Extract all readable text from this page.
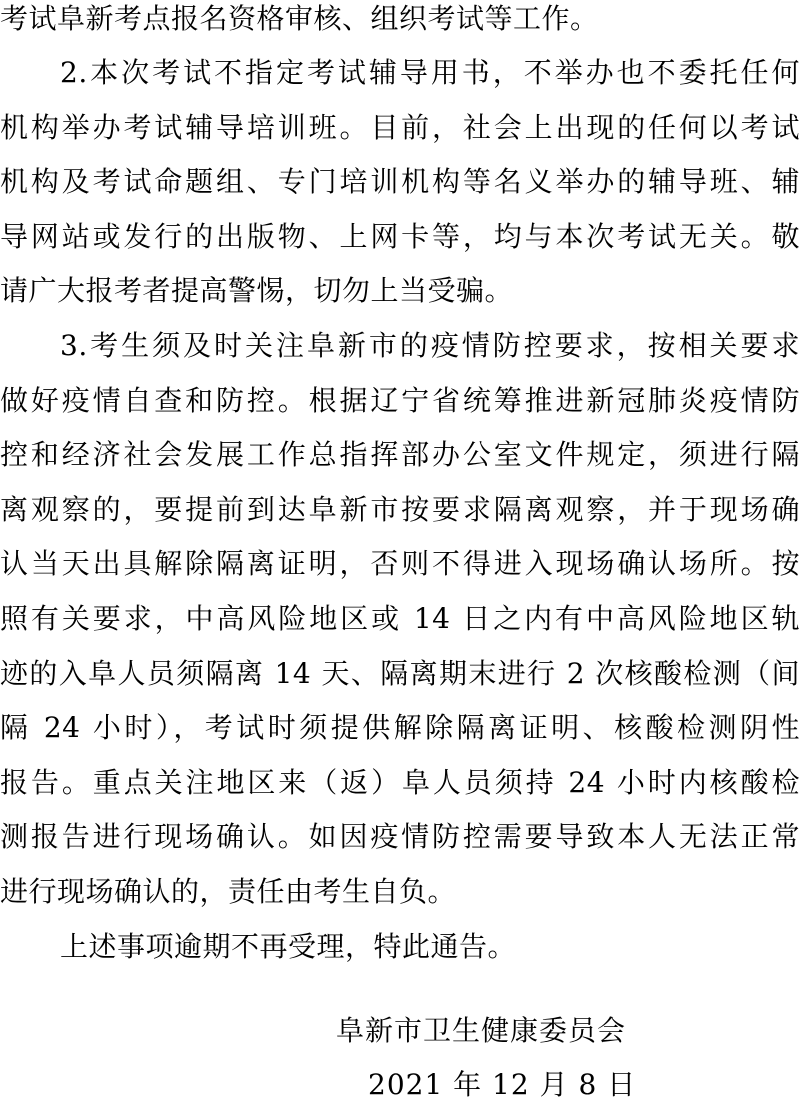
考试阜新考点报名资格审核、组织考试等工作。
2.本次考试不指定考试辅导用书，不举办也不委托任何
机构举办考试辅导培训班。目前，社会上出现的任何以考试
机构及考试命题组、专门培训机构等名义举办的辅导班、辅
导网站或发行的出版物、上网卡等，均与本次考试无关。敬
请广大报考者提高警惕，切勿上当受骗。
3.考生须及时关注阜新市的疫情防控要求，按相关要求
做好疫情自查和防控。根据辽宁省统筹推进新冠肺炎疫情防
控和经济社会发展工作总指挥部办公室文件规定，须进行隔
离观察的，要提前到达阜新市按要求隔离观察，并于现场确
认当天出具解除隔离证明，否则不得进入现场确认场所。按
照有关要求，中高风险地区或 14 日之内有中高风险地区轨
迹的入阜人员须隔离 14 天、隔离期末进行 2 次核酸检测（间
隔 24 小时），考试时须提供解除隔离证明、核酸检测阴性
报告。重点关注地区来（返）阜人员须持 24 小时内核酸检
测报告进行现场确认。如因疫情防控需要导致本人无法正常
进行现场确认的，责任由考生自负。
上述事项逾期不再受理，特此通告。
阜新市卫生健康委员会
2021 年 12 月 8 日
